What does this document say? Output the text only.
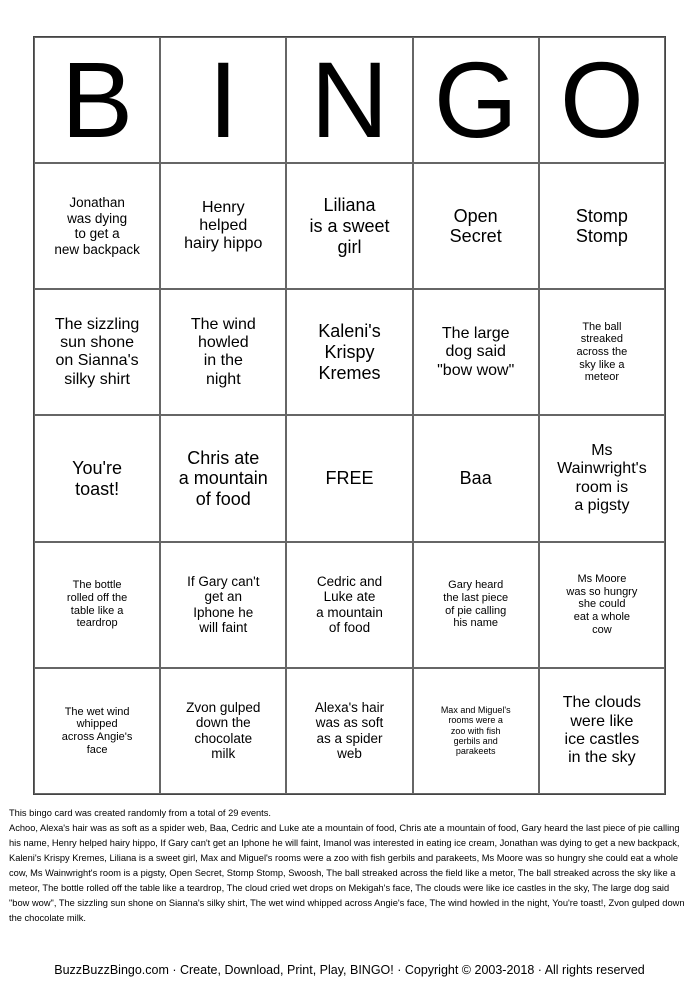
B I N G O
Jonathan
was dying
to get a
new backpack
Henry
helped
hairy hippo
Liliana
is a sweet
girl
Open
Secret
Stomp
Stomp
The sizzling
sun shone
on Sianna's
silky shirt
The wind
howled
in the
night
Kaleni's
Krispy
Kremes
The large
dog said
"bow wow"
The ball
streaked
across the
sky like a
meteor
You're
toast!
Chris ate
a mountain
of food
FREE	Baa
Ms
Wainwright's
room is
a pigsty
The bottle
rolled off the
table like a
teardrop
If Gary can't
get an
Iphone he
will faint
Cedric and
Luke ate
a mountain
of food
Gary heard
the last piece
of pie calling
his name
Ms Moore
was so hungry
she could
eat a whole
cow
The wet wind
whipped
across Angie's
face
Zvon gulped
down the
chocolate
milk
Alexa's hair
was as soft
as a spider
web
Max and Miguel's
rooms were a
zoo with fish
gerbils and
parakeets
The clouds
were like
ice castles
in the sky
This bingo card was created randomly from a total of 29 events.
Achoo, Alexa's hair was as soft as a spider web, Baa, Cedric and Luke ate a mountain of food, Chris ate a mountain of food, Gary heard the last piece of pie calling his name, Henry helped hairy hippo, If Gary can't get an Iphone he will faint, Imanol was interested in eating ice cream, Jonathan was dying to get a new backpack, Kaleni's Krispy Kremes, Liliana is a sweet girl, Max and Miguel's rooms were a zoo with fish gerbils and parakeets, Ms Moore was so hungry she could eat a whole cow, Ms Wainwright's room is a pigsty, Open Secret, Stomp Stomp, Swoosh, The ball streaked across the field like a metor, The ball streaked across the sky like a meteor, The bottle rolled off the table like a teardrop, The cloud cried wet drops on Mekigah's face, The clouds were like ice castles in the sky, The large dog said "bow wow", The sizzling sun shone on Sianna's silky shirt, The wet wind whipped across Angie's face, The wind howled in the night, You're toast!, Zvon gulped down the chocolate milk.
BuzzBuzzBingo.com · Create, Download, Print, Play, BINGO! · Copyright © 2003-2018 · All rights reserved
